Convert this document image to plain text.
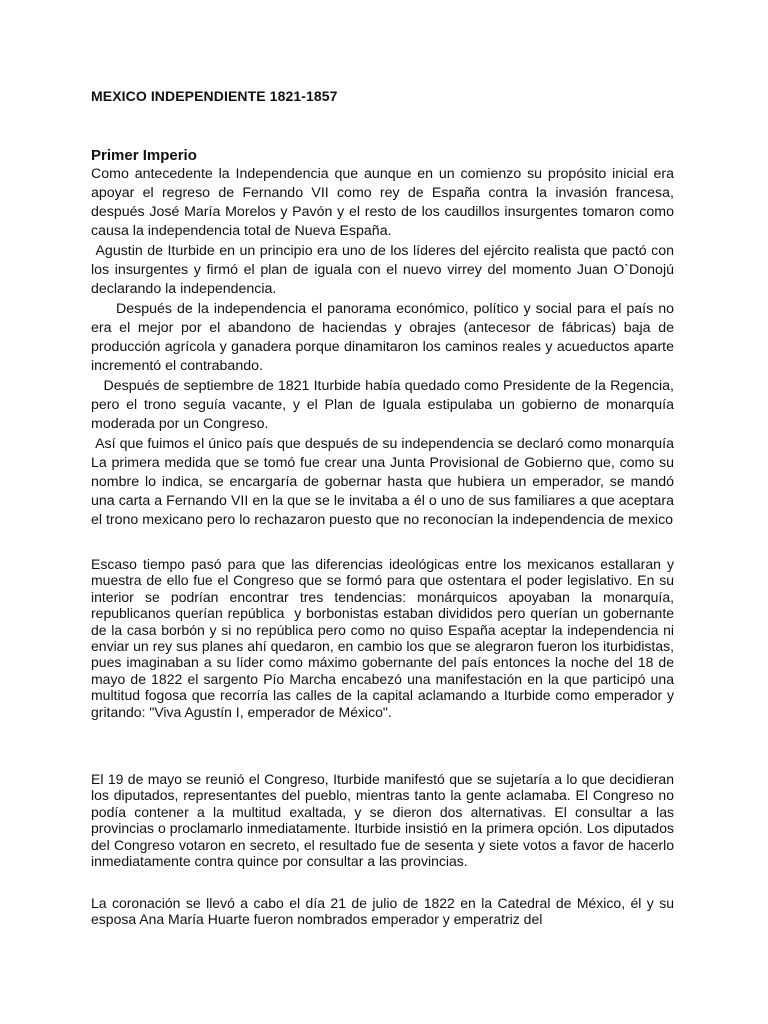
MEXICO INDEPENDIENTE 1821-1857
Primer Imperio

Como antecedente la Independencia que aunque en un comienzo su propósito inicial era apoyar el regreso de Fernando VII como rey de España contra la invasión francesa, después José María Morelos y Pavón y el resto de los caudillos insurgentes tomaron como causa la independencia total de Nueva España.

Agustin de Iturbide en un principio era uno de los líderes del ejército realista que pactó con los insurgentes y firmó el plan de iguala con el nuevo virrey del momento Juan O`Donojú declarando la independencia.

Después de la independencia el panorama económico, político y social para el país no era el mejor por el abandono de haciendas y obrajes (antecesor de fábricas) baja de producción agrícola y ganadera porque dinamitaron los caminos reales y acueductos aparte incrementó el contrabando.

Después de septiembre de 1821 Iturbide había quedado como Presidente de la Regencia, pero el trono seguía vacante, y el Plan de Iguala estipulaba un gobierno de monarquía moderada por un Congreso.

Así que fuimos el único país que después de su independencia se declaró como monarquía La primera medida que se tomó fue crear una Junta Provisional de Gobierno que, como su nombre lo indica, se encargaría de gobernar hasta que hubiera un emperador, se mandó una carta a Fernando VII en la que se le invitaba a él o uno de sus familiares a que aceptara el trono mexicano pero lo rechazaron puesto que no reconocían la independencia de mexico

Escaso tiempo pasó para que las diferencias ideológicas entre los mexicanos estallaran y muestra de ello fue el Congreso que se formó para que ostentara el poder legislativo. En su interior se podrían encontrar tres tendencias: monárquicos apoyaban la monarquía, republicanos querían república  y borbonistas estaban divididos pero querían un gobernante de la casa borbón y si no república pero como no quiso España aceptar la independencia ni enviar un rey sus planes ahí quedaron, en cambio los que se alegraron fueron los iturbidistas, pues imaginaban a su líder como máximo gobernante del país entonces la noche del 18 de mayo de 1822 el sargento Pío Marcha encabezó una manifestación en la que participó una multitud fogosa que recorría las calles de la capital aclamando a Iturbide como emperador y gritando: "Viva Agustín I, emperador de México".

El 19 de mayo se reunió el Congreso, Iturbide manifestó que se sujetaría a lo que decidieran los diputados, representantes del pueblo, mientras tanto la gente aclamaba. El Congreso no podía contener a la multitud exaltada, y se dieron dos alternativas. El consultar a las provincias o proclamarlo inmediatamente. Iturbide insistió en la primera opción. Los diputados del Congreso votaron en secreto, el resultado fue de sesenta y siete votos a favor de hacerlo inmediatamente contra quince por consultar a las provincias.

La coronación se llevó a cabo el día 21 de julio de 1822 en la Catedral de México, él y su esposa Ana María Huarte fueron nombrados emperador y emperatriz del
